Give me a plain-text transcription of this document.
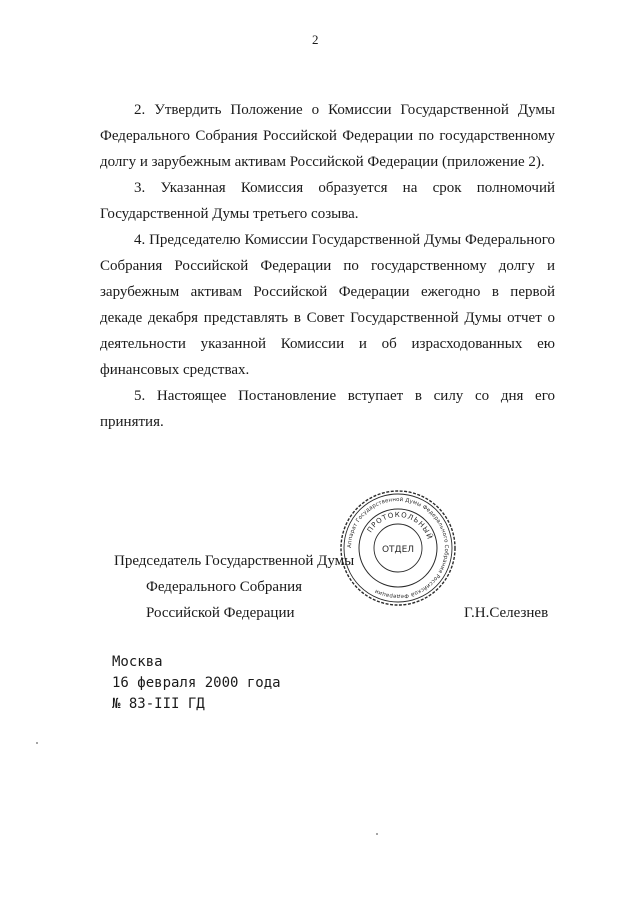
2

2. Утвердить Положение о Комиссии Государственной Думы Федерального Собрания Российской Федерации по государственному долгу и зарубежным активам Российской Федерации (приложение 2).

3. Указанная Комиссия образуется на срок полномочий Государственной Думы третьего созыва.

4. Председателю Комиссии Государственной Думы Федерального Собрания Российской Федерации по государственному долгу и зарубежным активам Российской Федерации ежегодно в первой декаде декабря представлять в Совет Государственной Думы отчет о деятельности указанной Комиссии и об израсходованных ею финансовых средствах.

5. Настоящее Постановление вступает в силу со дня его принятия.

Председатель Государственной Думы
Федерального Собрания
Российской Федерации	Г.Н.Селезнев
Аппарат Государственной Думы Федерального Собрания Российской Федерации
ПРОТОКОЛЬНЫЙ
ОТДЕЛ
Москва
16 февраля 2000 года
№ 83-III ГД
